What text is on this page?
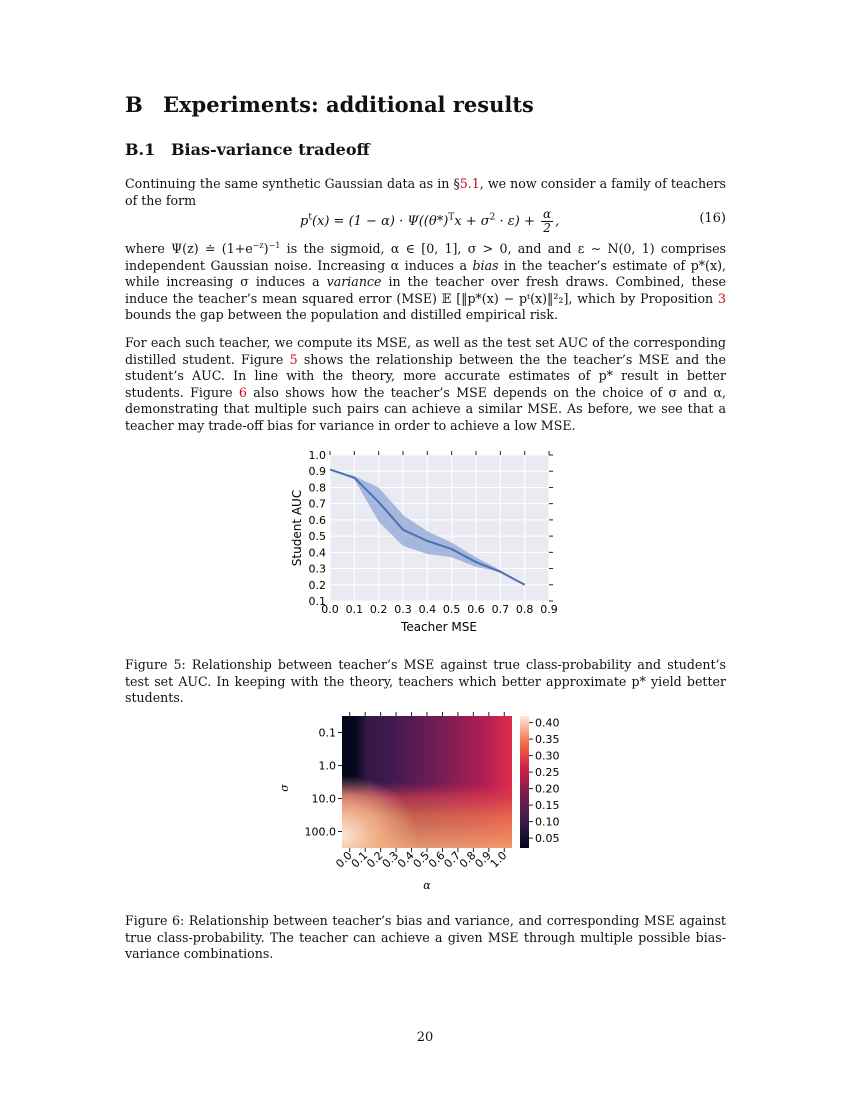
B Experiments: additional results
B.1 Bias-variance tradeoff

Continuing the same synthetic Gaussian data as in §5.1, we now consider a family of teachers of the form

$p^t(x) = (1 - \alpha) \cdot \Psi((\theta*)^Tx + \sigma^2 \cdot \varepsilon) + \frac{\alpha}{2}$ ,	(16)

where Ψ(z) ≐ $(1+e^{-z})^{-1}$ is the sigmoid, α ∈ [0, 1], σ > 0, and and ε ∼ N(0, 1) comprises independent Gaussian noise. Increasing α induces a bias in the teacher’s estimate of p*(x), while increasing σ induces a variance in the teacher over fresh draws. Combined, these induce the teacher’s mean squared error (MSE) 𝔼 [‖p*(x) − pᵗ(x)‖²₂], which by Proposition 3 bounds the gap between the population and distilled empirical risk.

For each such teacher, we compute its MSE, as well as the test set AUC of the corresponding distilled student. Figure 5 shows the relationship between the the teacher’s MSE and the student’s AUC. In line with the theory, more accurate estimates of p* result in better students. Figure 6 also shows how the teacher’s MSE depends on the choice of σ and α, demonstrating that multiple such pairs can achieve a similar MSE. As before, we see that a teacher may trade-off bias for variance in order to achieve a low MSE.

0.0 0.1 0.2 0.3 0.4 0.5 0.6 0.7 0.8 0.9
0.1
0.2
0.3
0.4
0.5
0.6
0.7
0.8
0.9
1.0
Teacher MSE
Student AUC

Figure 5: Relationship between teacher’s MSE against true class-probability and student’s test set AUC. In keeping with the theory, teachers which better approximate p* yield better students.

0.0
0.1
0.2
0.3
0.4
0.5
0.6
0.7
0.8
0.9
1.0
0.1
1.0
10.0
100.0
0.40
0.35
0.30
0.25
0.20
0.15
0.10
0.05
α
σ

Figure 6: Relationship between teacher’s bias and variance, and corresponding MSE against true class-probability. The teacher can achieve a given MSE through multiple possible bias-variance combinations.

20
